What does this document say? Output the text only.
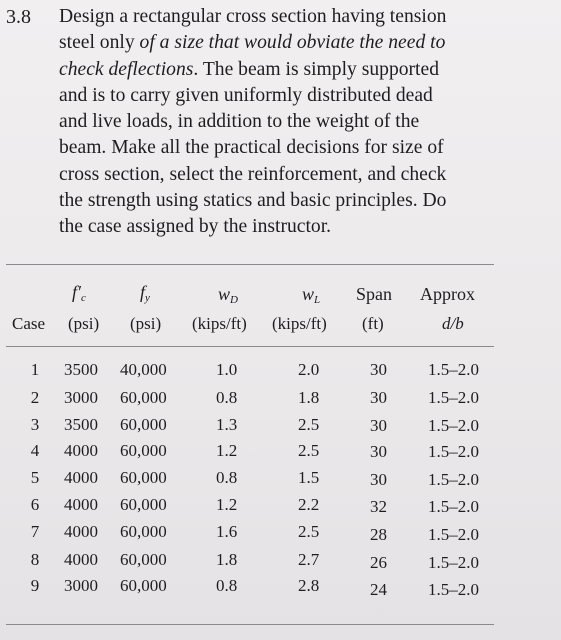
3.8 Design a rectangular cross section having tension
steel only of a size that would obviate the need to
check deflections. The beam is simply supported
and is to carry given uniformly distributed dead
and live loads, in addition to the weight of the
beam. Make all the practical decisions for size of
cross section, select the reinforcement, and check
the strength using statics and basic principles. Do
the case assigned by the instructor.
$f'_c$	$f_y$	$w_D$	$w_L$ Span Approx
Case (psi) (psi) (kips/ft) (kips/ft) (ft)	d/b
1 3500 40,000	1.0	2.0	30 1.5–2.0
2 3000 60,000	0.8	1.8	30 1.5–2.0
3 3500 60,000	1.3	2.5	30 1.5–2.0
4 4000 60,000	1.2	2.5	30 1.5–2.0
5 4000 60,000	0.8	1.5	30 1.5–2.0
6 4000 60,000	1.2	2.2	32 1.5–2.0
7 4000 60,000	1.6	2.5	28 1.5–2.0
8 4000 60,000	1.8	2.7	26 1.5–2.0
9 3000 60,000	0.8	2.8	24 1.5–2.0
